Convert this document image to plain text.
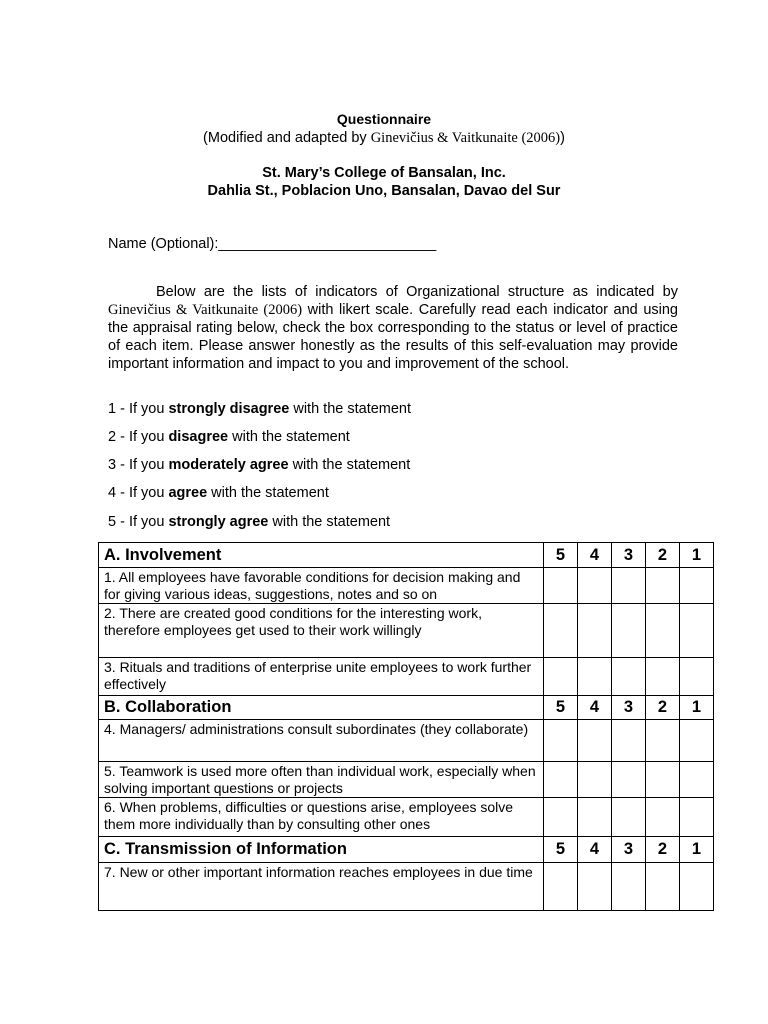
Questionnaire
(Modified and adapted by Ginevičius & Vaitkunaite (2006))
St. Mary’s College of Bansalan, Inc.
Dahlia St., Poblacion Uno, Bansalan, Davao del Sur
Name (Optional):___________________________

Below are the lists of indicators of Organizational structure as indicated by Ginevičius & Vaitkunaite (2006) with likert scale. Carefully read each indicator and using the appraisal rating below, check the box corresponding to the status or level of practice of each item. Please answer honestly as the results of this self-evaluation may provide important information and impact to you and improvement of the school.

1 - If you strongly disagree with the statement
2 - If you disagree with the statement
3 - If you moderately agree with the statement
4 - If you agree with the statement
5 - If you strongly agree with the statement
A. Involvement	5	4	3	2	1
1. All employees have favorable conditions for decision making and for giving various ideas, suggestions, notes and so on					
2. There are created good conditions for the interesting work, therefore employees get used to their work willingly					
3. Rituals and traditions of enterprise unite employees to work further effectively					
B. Collaboration	5	4	3	2	1
4. Managers/ administrations consult subordinates (they collaborate)					
5. Teamwork is used more often than individual work, especially when solving important questions or projects					
6. When problems, difficulties or questions arise, employees solve them more individually than by consulting other ones					
C. Transmission of Information	5	4	3	2	1
7. New or other important information reaches employees in due time					
